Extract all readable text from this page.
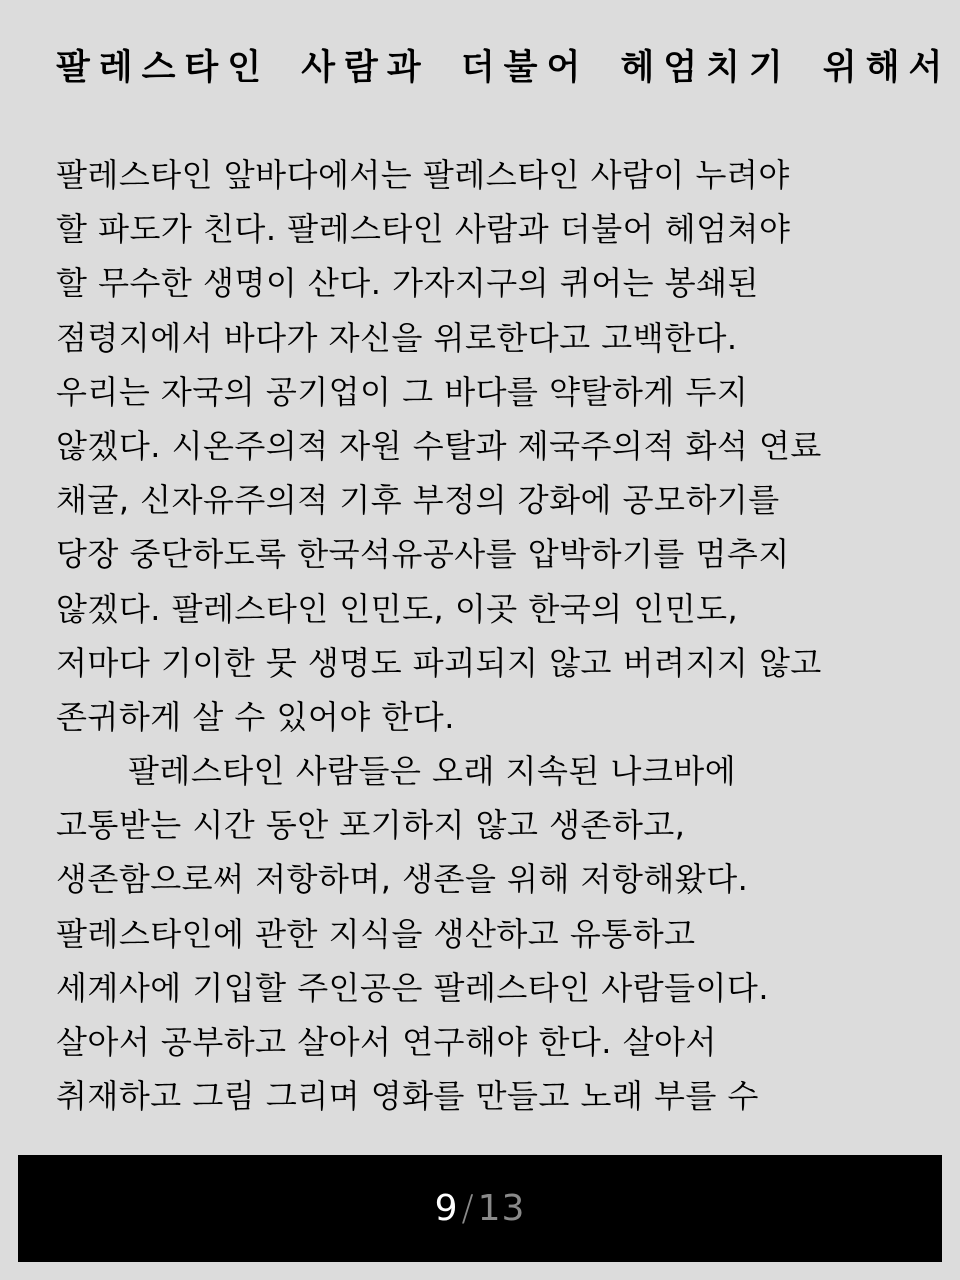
팔레스타인 사람과 더불어 헤엄치기 위해서
팔레스타인 앞바다에서는 팔레스타인 사람이 누려야
할 파도가 친다. 팔레스타인 사람과 더불어 헤엄쳐야
할 무수한 생명이 산다. 가자지구의 퀴어는 봉쇄된
점령지에서 바다가 자신을 위로한다고 고백한다.
우리는 자국의 공기업이 그 바다를 약탈하게 두지
않겠다. 시온주의적 자원 수탈과 제국주의적 화석 연료
채굴, 신자유주의적 기후 부정의 강화에 공모하기를
당장 중단하도록 한국석유공사를 압박하기를 멈추지
않겠다. 팔레스타인 인민도, 이곳 한국의 인민도,
저마다 기이한 뭇 생명도 파괴되지 않고 버려지지 않고
존귀하게 살 수 있어야 한다.
팔레스타인 사람들은 오래 지속된 나크바에
고통받는 시간 동안 포기하지 않고 생존하고,
생존함으로써 저항하며, 생존을 위해 저항해왔다.
팔레스타인에 관한 지식을 생산하고 유통하고
세계사에 기입할 주인공은 팔레스타인 사람들이다.
살아서 공부하고 살아서 연구해야 한다. 살아서
취재하고 그림 그리며 영화를 만들고 노래 부를 수
9/13
